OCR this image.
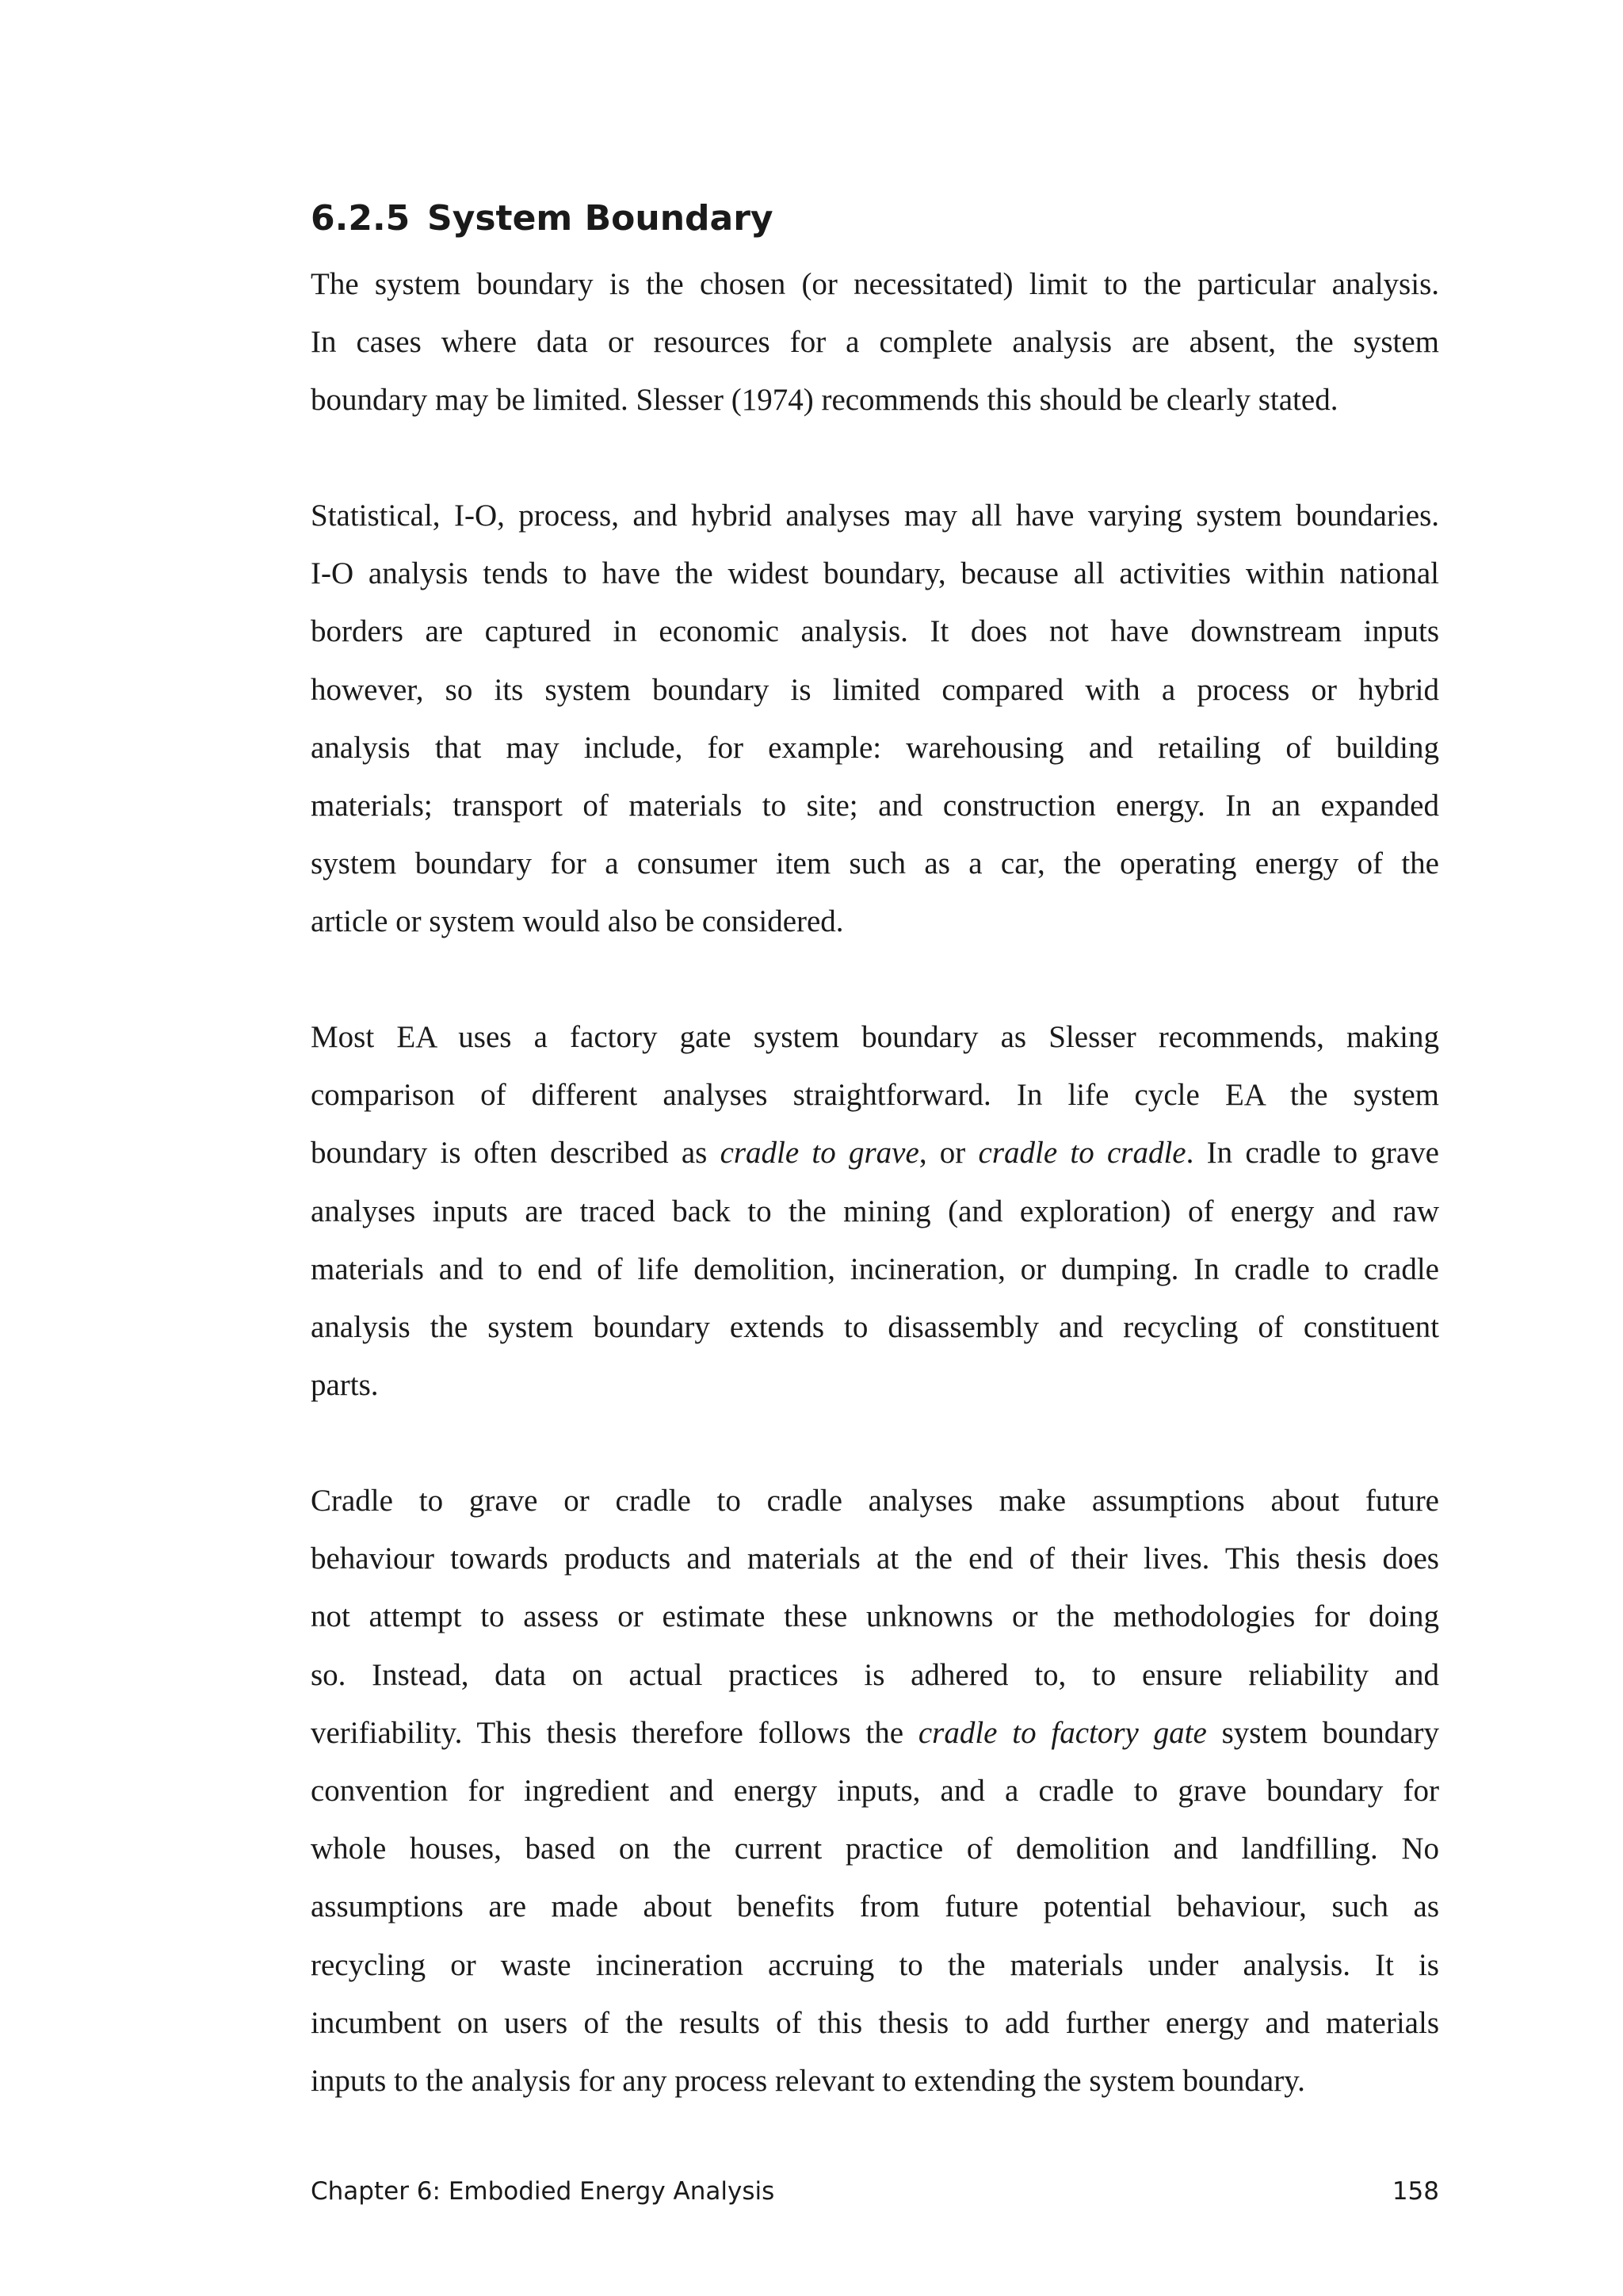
6.2.5 System Boundary

The system boundary is the chosen (or necessitated) limit to the particular analysis.
In cases where data or resources for a complete analysis are absent, the system
boundary may be limited. Slesser (1974) recommends this should be clearly stated.

Statistical, I-O, process, and hybrid analyses may all have varying system boundaries.
I-O analysis tends to have the widest boundary, because all activities within national
borders are captured in economic analysis. It does not have downstream inputs
however, so its system boundary is limited compared with a process or hybrid
analysis that may include, for example: warehousing and retailing of building
materials; transport of materials to site; and construction energy. In an expanded
system boundary for a consumer item such as a car, the operating energy of the
article or system would also be considered.

Most EA uses a factory gate system boundary as Slesser recommends, making
comparison of different analyses straightforward. In life cycle EA the system
boundary is often described as cradle to grave, or cradle to cradle. In cradle to grave
analyses inputs are traced back to the mining (and exploration) of energy and raw
materials and to end of life demolition, incineration, or dumping. In cradle to cradle
analysis the system boundary extends to disassembly and recycling of constituent
parts.

Cradle to grave or cradle to cradle analyses make assumptions about future
behaviour towards products and materials at the end of their lives. This thesis does
not attempt to assess or estimate these unknowns or the methodologies for doing
so. Instead, data on actual practices is adhered to, to ensure reliability and
verifiability. This thesis therefore follows the cradle to factory gate system boundary
convention for ingredient and energy inputs, and a cradle to grave boundary for
whole houses, based on the current practice of demolition and landfilling. No
assumptions are made about benefits from future potential behaviour, such as
recycling or waste incineration accruing to the materials under analysis. It is
incumbent on users of the results of this thesis to add further energy and materials
inputs to the analysis for any process relevant to extending the system boundary.

Chapter 6: Embodied Energy Analysis	158
